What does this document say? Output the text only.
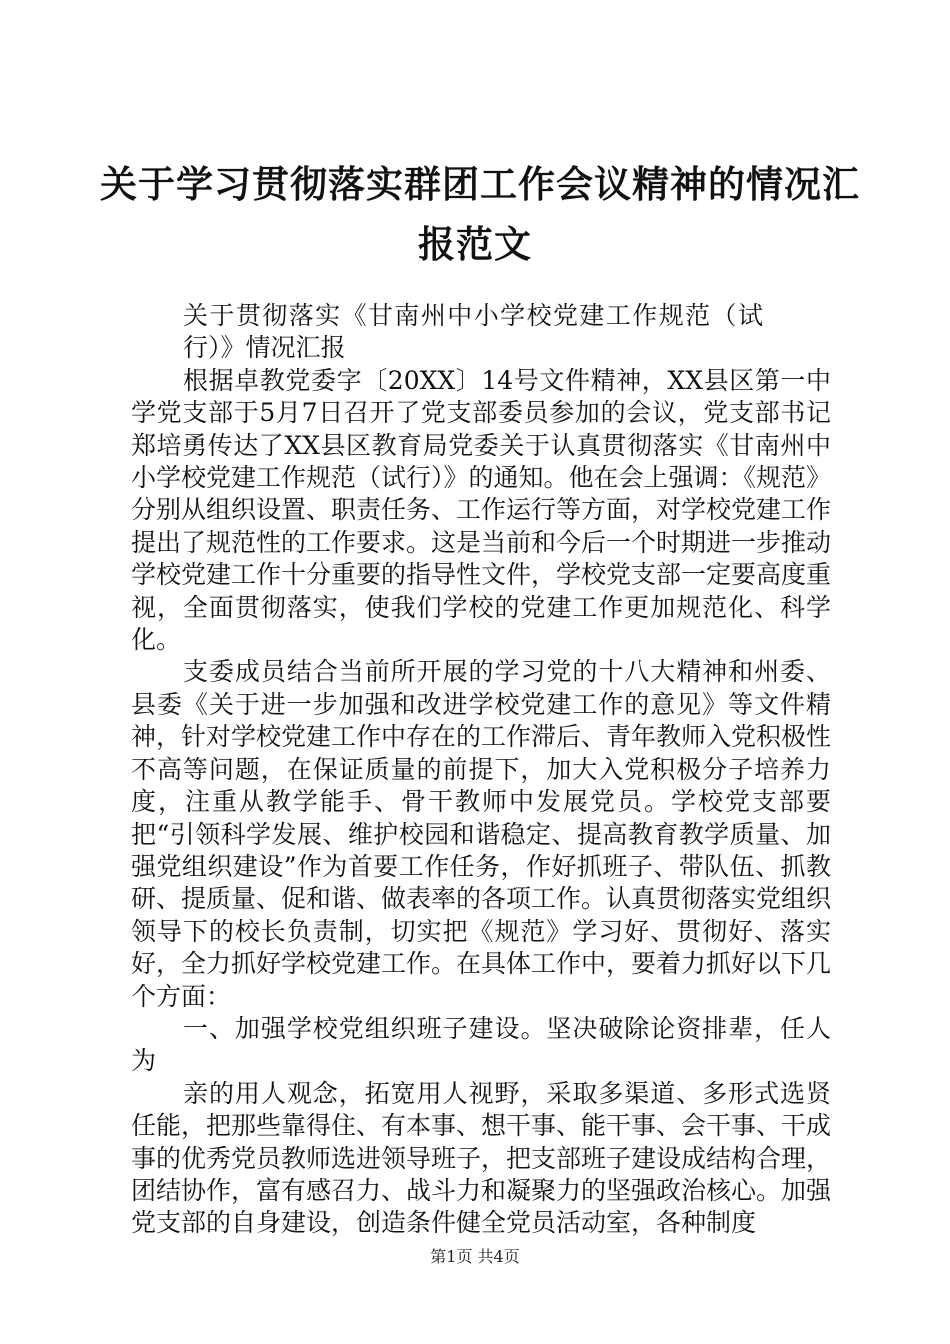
关于学习贯彻落实群团工作会议精神的情况汇
报范文

关于贯彻落实《甘南州中小学校党建工作规范（试行）》情况汇报

根据卓教党委字〔20XX〕14号文件精神，XX县区第一中学党支部于5月7日召开了党支部委员参加的会议，党支部书记郑培勇传达了XX县区教育局党委关于认真贯彻落实《甘南州中小学校党建工作规范（试行）》的通知。他在会上强调：《规范》分别从组织设置、职责任务、工作运行等方面，对学校党建工作提出了规范性的工作要求。这是当前和今后一个时期进一步推动学校党建工作十分重要的指导性文件，学校党支部一定要高度重视，全面贯彻落实，使我们学校的党建工作更加规范化、科学化。

支委成员结合当前所开展的学习党的十八大精神和州委、县委《关于进一步加强和改进学校党建工作的意见》等文件精神，针对学校党建工作中存在的工作滞后、青年教师入党积极性不高等问题，在保证质量的前提下，加大入党积极分子培养力度，注重从教学能手、骨干教师中发展党员。学校党支部要把“引领科学发展、维护校园和谐稳定、提高教育教学质量、加强党组织建设”作为首要工作任务，作好抓班子、带队伍、抓教研、提质量、促和谐、做表率的各项工作。认真贯彻落实党组织领导下的校长负责制，切实把《规范》学习好、贯彻好、落实好，全力抓好学校党建工作。在具体工作中，要着力抓好以下几个方面：

一、加强学校党组织班子建设。坚决破除论资排辈，任人为

亲的用人观念，拓宽用人视野，采取多渠道、多形式选贤任能，把那些靠得住、有本事、想干事、能干事、会干事、干成事的优秀党员教师选进领导班子，把支部班子建设成结构合理，团结协作，富有感召力、战斗力和凝聚力的坚强政治核心。加强党支部的自身建设，创造条件健全党员活动室，各种制度

第1页 共4页
